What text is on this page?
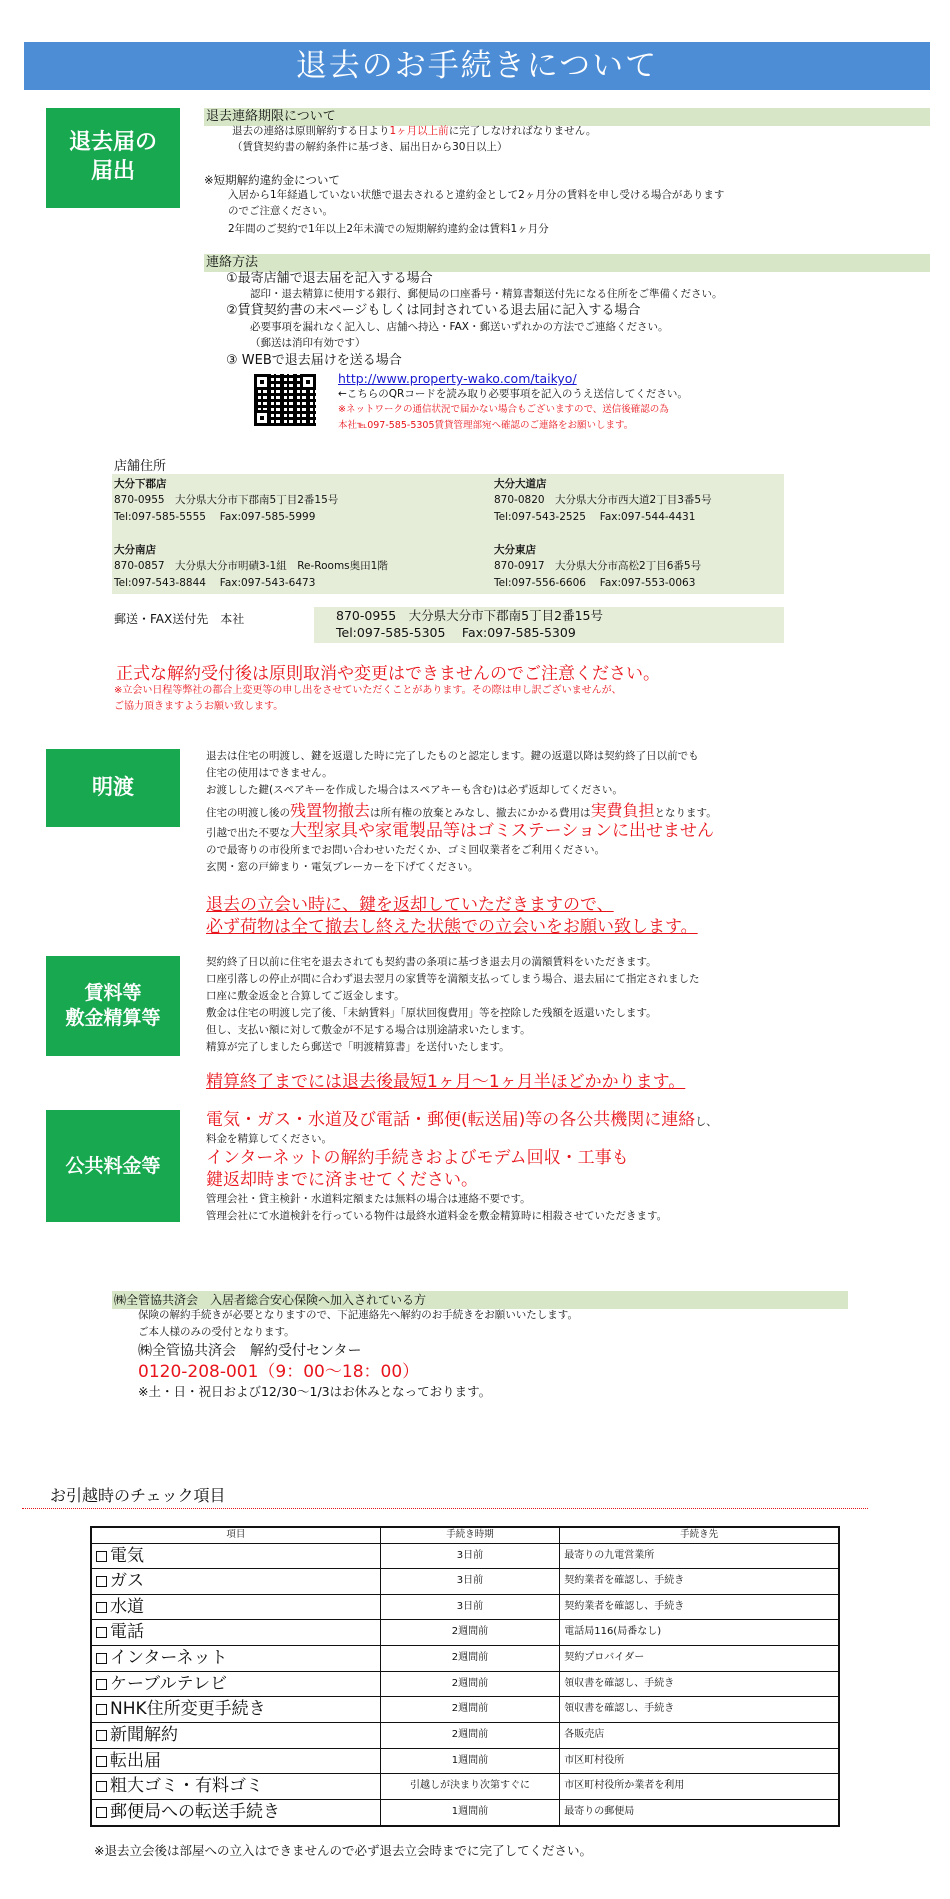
退去のお手続きについて
退去届の
届出
退去連絡期限について
退去の連絡は原則解約する日より1ヶ月以上前に完了しなければなりません。
（賃貸契約書の解約条件に基づき、届出日から30日以上）
※短期解約違約金について
入居から1年経過していない状態で退去されると違約金として2ヶ月分の賃料を申し受ける場合があります
のでご注意ください。
2年間のご契約で1年以上2年未満での短期解約違約金は賃料1ヶ月分
連絡方法
①最寄店舗で退去届を記入する場合
認印・退去精算に使用する銀行、郵便局の口座番号・精算書類送付先になる住所をご準備ください。
②賃貸契約書の末ページもしくは同封されている退去届に記入する場合
必要事項を漏れなく記入し、店舗へ持込・FAX・郵送いずれかの方法でご連絡ください。
（郵送は消印有効です）
③ WEBで退去届けを送る場合
http://www.property-wako.com/taikyo/
←こちらのQRコードを読み取り必要事項を記入のうえ送信してください。
※ネットワークの通信状況で届かない場合もございますので、送信後確認の為
本社℡097-585-5305賃貸管理部宛へ確認のご連絡をお願いします。
店舗住所
大分下郡店
870-0955　大分県大分市下郡南5丁目2番15号
Tel:097-585-5555　 Fax:097-585-5999
大分大道店
870-0820　大分県大分市西大道2丁目3番5号
Tel:097-543-2525　 Fax:097-544-4431
大分南店
870-0857　大分県大分市明磧3-1組　Re-Rooms奥田1階
Tel:097-543-8844　 Fax:097-543-6473
大分東店
870-0917　大分県大分市高松2丁目6番5号
Tel:097-556-6606　 Fax:097-553-0063
郵送・FAX送付先　本社	870-0955　大分県大分市下郡南5丁目2番15号
Tel:097-585-5305　 Fax:097-585-5309
正式な解約受付後は原則取消や変更はできませんのでご注意ください。
※立会い日程等弊社の都合上変更等の申し出をさせていただくことがあります。その際は申し訳ございませんが、
ご協力頂きますようお願い致します。
明渡
退去は住宅の明渡し、鍵を返還した時に完了したものと認定します。鍵の返還以降は契約終了日以前でも
住宅の使用はできません。
お渡しした鍵(スペアキーを作成した場合はスペアキーも含む)は必ず返却してください。
住宅の明渡し後の残置物撤去は所有権の放棄とみなし、撤去にかかる費用は実費負担となります。
引越で出た不要な大型家具や家電製品等はゴミステーションに出せません
ので最寄りの市役所までお問い合わせいただくか、ゴミ回収業者をご利用ください。
玄関・窓の戸締まり・電気ブレーカーを下げてください。
退去の立会い時に、鍵を返却していただきますので、
必ず荷物は全て撤去し終えた状態での立会いをお願い致します。
賃料等
敷金精算等
契約終了日以前に住宅を退去されても契約書の条項に基づき退去月の満額賃料をいただきます。
口座引落しの停止が間に合わず退去翌月の家賃等を満額支払ってしまう場合、退去届にて指定されました
口座に敷金返金と合算してご返金します。
敷金は住宅の明渡し完了後、「未納賃料」「原状回復費用」等を控除した残額を返還いたします。
但し、支払い額に対して敷金が不足する場合は別途請求いたします。
精算が完了しましたら郵送で「明渡精算書」を送付いたします。
精算終了までには退去後最短1ヶ月～1ヶ月半ほどかかります。
公共料金等
電気・ガス・水道及び電話・郵便(転送届)等の各公共機関に連絡し、
料金を精算してください。
インターネットの解約手続きおよびモデム回収・工事も
鍵返却時までに済ませてください。
管理会社・貸主検針・水道料定額または無料の場合は連絡不要です。
管理会社にて水道検針を行っている物件は最終水道料金を敷金精算時に相殺させていただきます。
㈱全管協共済会　入居者総合安心保険へ加入されている方
保険の解約手続きが必要となりますので、下記連絡先へ解約のお手続きをお願いいたします。
ご本人様のみの受付となります。
㈱全管協共済会　解約受付センター
0120-208-001（9：00～18：00）
※土・日・祝日および12/30～1/3はお休みとなっております。
お引越時のチェック項目
項目	手続き時期	手続き先
電気	3日前	最寄りの九電営業所
ガス	3日前	契約業者を確認し、手続き
水道	3日前	契約業者を確認し、手続き
電話	2週間前	電話局116(局番なし)
インターネット	2週間前	契約プロバイダー
ケーブルテレビ	2週間前	領収書を確認し、手続き
NHK住所変更手続き	2週間前	領収書を確認し、手続き
新聞解約	2週間前	各販売店
転出届	1週間前	市区町村役所
粗大ゴミ・有料ゴミ	引越しが決まり次第すぐに	市区町村役所か業者を利用
郵便局への転送手続き	1週間前	最寄りの郵便局
※退去立会後は部屋への立入はできませんので必ず退去立会時までに完了してください。
